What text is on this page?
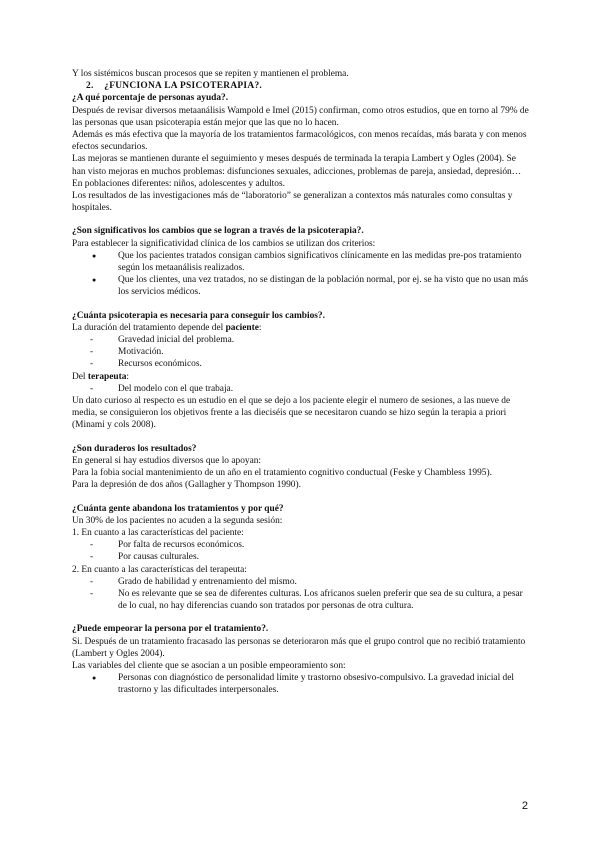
Y los sistémicos buscan procesos que se repiten y mantienen el problema.

2. ¿FUNCIONA LA PSICOTERAPIA?.

¿A qué porcentaje de personas ayuda?.

Después de revisar diversos metaanálisis Wampold e Imel (2015) confirman, como otros estudios, que en torno al 79% de las personas que usan psicoterapia están mejor que las que no lo hacen.

Además es más efectiva que la mayoría de los tratamientos farmacológicos, con menos recaídas, más barata y con menos efectos secundarios.

Las mejoras se mantienen durante el seguimiento y meses después de terminada la terapia Lambert y Ogles (2004). Se han visto mejoras en muchos problemas: disfunciones sexuales, adicciones, problemas de pareja, ansiedad, depresión… En poblaciones diferentes: niños, adolescentes y adultos.

Los resultados de las investigaciones más de “laboratorio” se generalizan a contextos más naturales como consultas y hospitales.

¿Son significativos los cambios que se logran a través de la psicoterapia?.

Para establecer la significatividad clínica de los cambios se utilizan dos criterios:

● Que los pacientes tratados consigan cambios significativos clínicamente en las medidas pre-pos tratamiento según los metaanálisis realizados.
● Que los clientes, una vez tratados, no se distingan de la población normal, por ej. se ha visto que no usan más los servicios médicos.

¿Cuánta psicoterapia es necesaria para conseguir los cambios?.

La duración del tratamiento depende del paciente:

- Gravedad inicial del problema.
- Motivación.
- Recursos económicos.

Del terapeuta:

- Del modelo con el que trabaja.

Un dato curioso al respecto es un estudio en el que se dejo a los paciente elegir el numero de sesiones, a las nueve de media, se consiguieron los objetivos frente a las dieciséis que se necesitaron cuando se hizo según la terapia a priori (Minami y cols 2008).

¿Son duraderos los resultados?

En general si hay estudios diversos que lo apoyan:

Para la fobia social mantenimiento de un año en el tratamiento cognitivo conductual (Feske y Chambless 1995).

Para la depresión de dos años (Gallagher y Thompson 1990).

¿Cuánta gente abandona los tratamientos y por qué?

Un 30% de los pacientes no acuden a la segunda sesión:

1. En cuanto a las características del paciente:

- Por falta de recursos económicos.
- Por causas culturales.

2. En cuanto a las características del terapeuta:

- Grado de habilidad y entrenamiento del mismo.
- No es relevante que se sea de diferentes culturas. Los africanos suelen preferir que sea de su cultura, a pesar de lo cual, no hay diferencias cuando son tratados por personas de otra cultura.

¿Puede empeorar la persona por el tratamiento?.

Si. Después de un tratamiento fracasado las personas se deterioraron más que el grupo control que no recibió tratamiento (Lambert y Ogles 2004).

Las variables del cliente que se asocian a un posible empeoramiento son:

● Personas con diagnóstico de personalidad límite y trastorno obsesivo-compulsivo. La gravedad inicial del trastorno y las dificultades interpersonales.
2
